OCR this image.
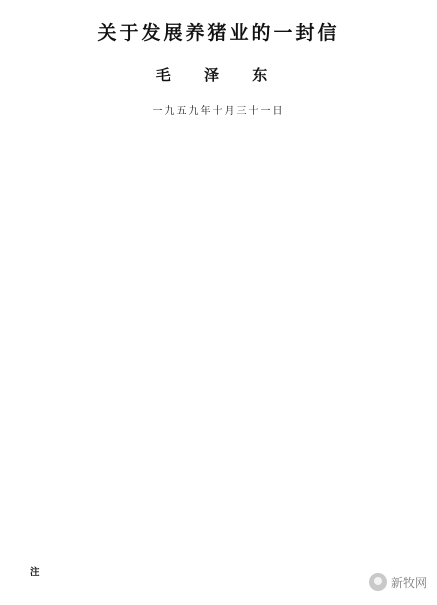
关于发展养猪业的一封信
毛 泽 东
一九五九年十月三十一日
注
新牧网
